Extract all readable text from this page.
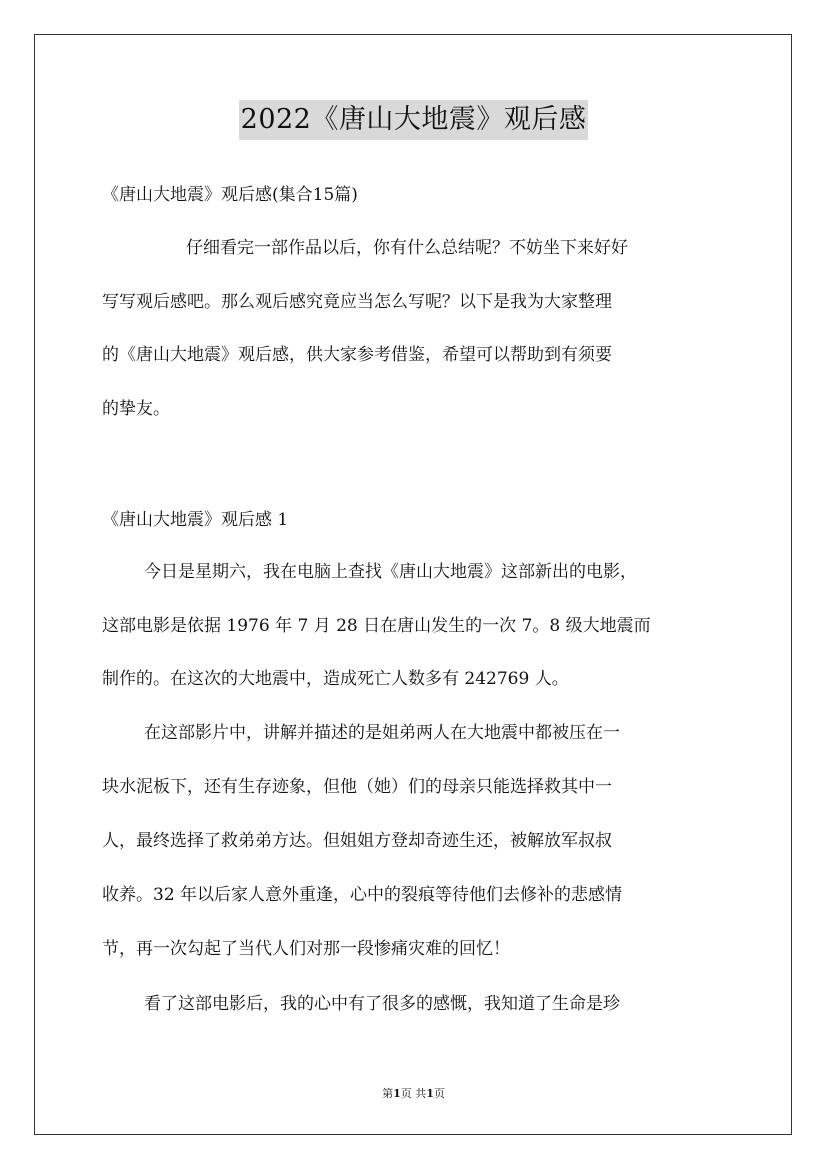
2022《唐山大地震》观后感
《唐山大地震》观后感(集合15篇)
仔细看完一部作品以后，你有什么总结呢？不妨坐下来好好
写写观后感吧。那么观后感究竟应当怎么写呢？以下是我为大家整理
的《唐山大地震》观后感，供大家参考借鉴，希望可以帮助到有须要
的挚友。
《唐山大地震》观后感 1
今日是星期六，我在电脑上查找《唐山大地震》这部新出的电影，
这部电影是依据 1976 年 7 月 28 日在唐山发生的一次 7。8 级大地震而
制作的。在这次的大地震中，造成死亡人数多有 242769 人。
在这部影片中，讲解并描述的是姐弟两人在大地震中都被压在一
块水泥板下，还有生存迹象，但他（她）们的母亲只能选择救其中一
人，最终选择了救弟弟方达。但姐姐方登却奇迹生还，被解放军叔叔
收养。32 年以后家人意外重逢，心中的裂痕等待他们去修补的悲感情
节，再一次勾起了当代人们对那一段惨痛灾难的回忆！
看了这部电影后，我的心中有了很多的感慨，我知道了生命是珍
第1页 共1页
